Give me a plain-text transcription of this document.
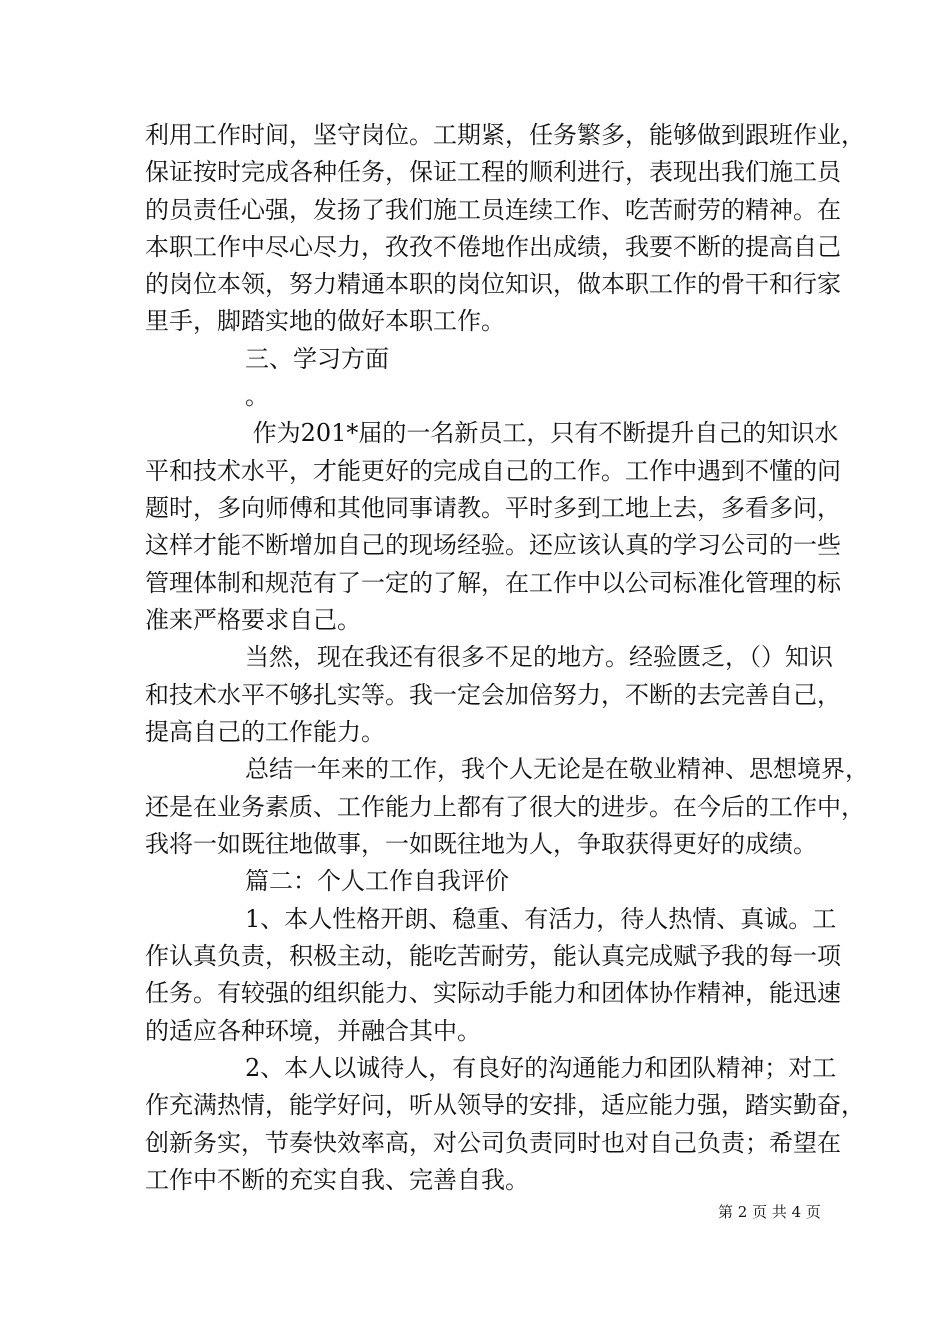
利用工作时间，坚守岗位。工期紧，任务繁多，能够做到跟班作业，
保证按时完成各种任务，保证工程的顺利进行，表现出我们施工员
的员责任心强，发扬了我们施工员连续工作、吃苦耐劳的精神。在
本职工作中尽心尽力，孜孜不倦地作出成绩，我要不断的提高自己
的岗位本领，努力精通本职的岗位知识，做本职工作的骨干和行家
里手，脚踏实地的做好本职工作。
三、学习方面
。
作为201*届的一名新员工，只有不断提升自己的知识水
平和技术水平，才能更好的完成自己的工作。工作中遇到不懂的问
题时，多向师傅和其他同事请教。平时多到工地上去，多看多问，
这样才能不断增加自己的现场经验。还应该认真的学习公司的一些
管理体制和规范有了一定的了解，在工作中以公司标准化管理的标
准来严格要求自己。
当然，现在我还有很多不足的地方。经验匮乏，（）知识
和技术水平不够扎实等。我一定会加倍努力，不断的去完善自己，
提高自己的工作能力。
总结一年来的工作，我个人无论是在敬业精神、思想境界，
还是在业务素质、工作能力上都有了很大的进步。在今后的工作中，
我将一如既往地做事，一如既往地为人，争取获得更好的成绩。
篇二：个人工作自我评价
1、本人性格开朗、稳重、有活力，待人热情、真诚。工
作认真负责，积极主动，能吃苦耐劳，能认真完成赋予我的每一项
任务。有较强的组织能力、实际动手能力和团体协作精神，能迅速
的适应各种环境，并融合其中。
2、本人以诚待人，有良好的沟通能力和团队精神；对工
作充满热情，能学好问，听从领导的安排，适应能力强，踏实勤奋，
创新务实，节奏快效率高，对公司负责同时也对自己负责；希望在
工作中不断的充实自我、完善自我。
第 2 页 共 4 页
